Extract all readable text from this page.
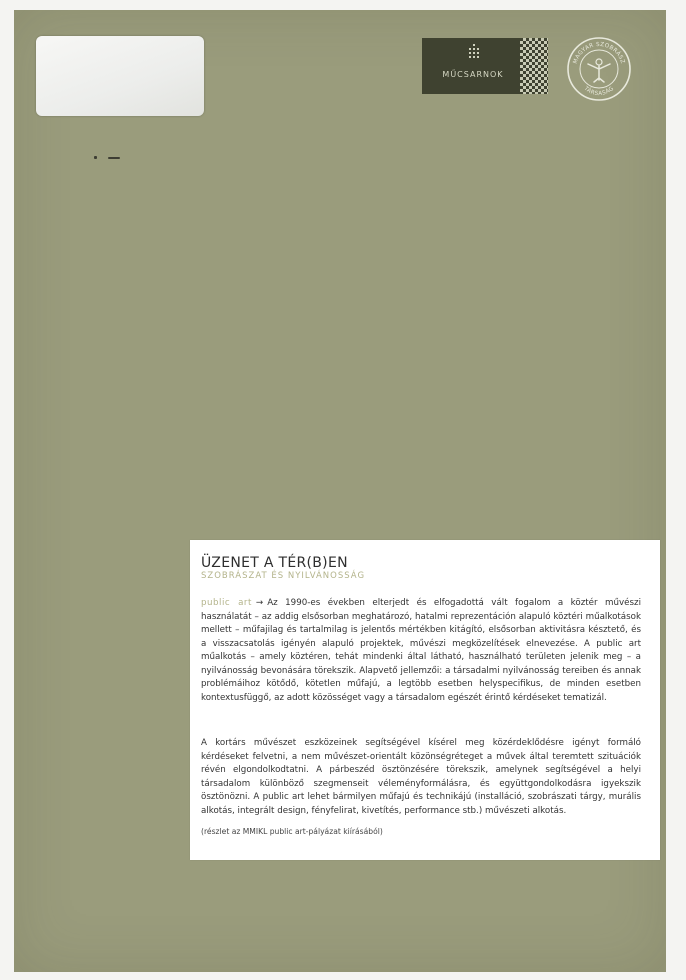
MŰCSARNOK
MAGYAR SZOBRÁSZ
TÁRSASÁG
ÜZENET A TÉR(B)EN
SZOBRÁSZAT ÉS NYILVÁNOSSÁG
public art → Az 1990-es években elterjedt és elfogadottá vált fogalom a köztér művészi használatát – az addig elsősorban meghatározó, hatalmi reprezentáción alapuló köztéri műalkotások mellett – műfajilag és tartalmilag is jelentős mértékben kitágító, elsősorban aktivitásra késztető, és a visszacsatolás igényén alapuló projektek, művészi megközelítések elnevezése. A public art műalkotás – amely köztéren, tehát mindenki által látható, használható területen jelenik meg – a nyilvánosság bevonására törekszik. Alapvető jellemzői: a társadalmi nyilvánosság tereiben és annak problémáihoz kötődő, kötetlen műfajú, a legtöbb esetben helyspecifikus, de minden esetben kontextusfüggő, az adott közösséget vagy a társadalom egészét érintő kérdéseket tematizál.
A kortárs művészet eszközeinek segítségével kísérel meg közérdeklődésre igényt formáló kérdéseket felvetni, a nem művészet-orientált közönségréteget a művek által teremtett szituációk révén elgondolkodtatni. A párbeszéd ösztönzésére törekszik, amelynek segítségével a helyi társadalom különböző szegmenseit véleményformálásra, és együttgondolkodásra igyekszik ösztönözni. A public art lehet bármilyen műfajú és technikájú (installáció, szobrászati tárgy, murális alkotás, integrált design, fényfelirat, kivetítés, performance stb.) művészeti alkotás.
(részlet az MMIKL public art-pályázat kiírásából)
